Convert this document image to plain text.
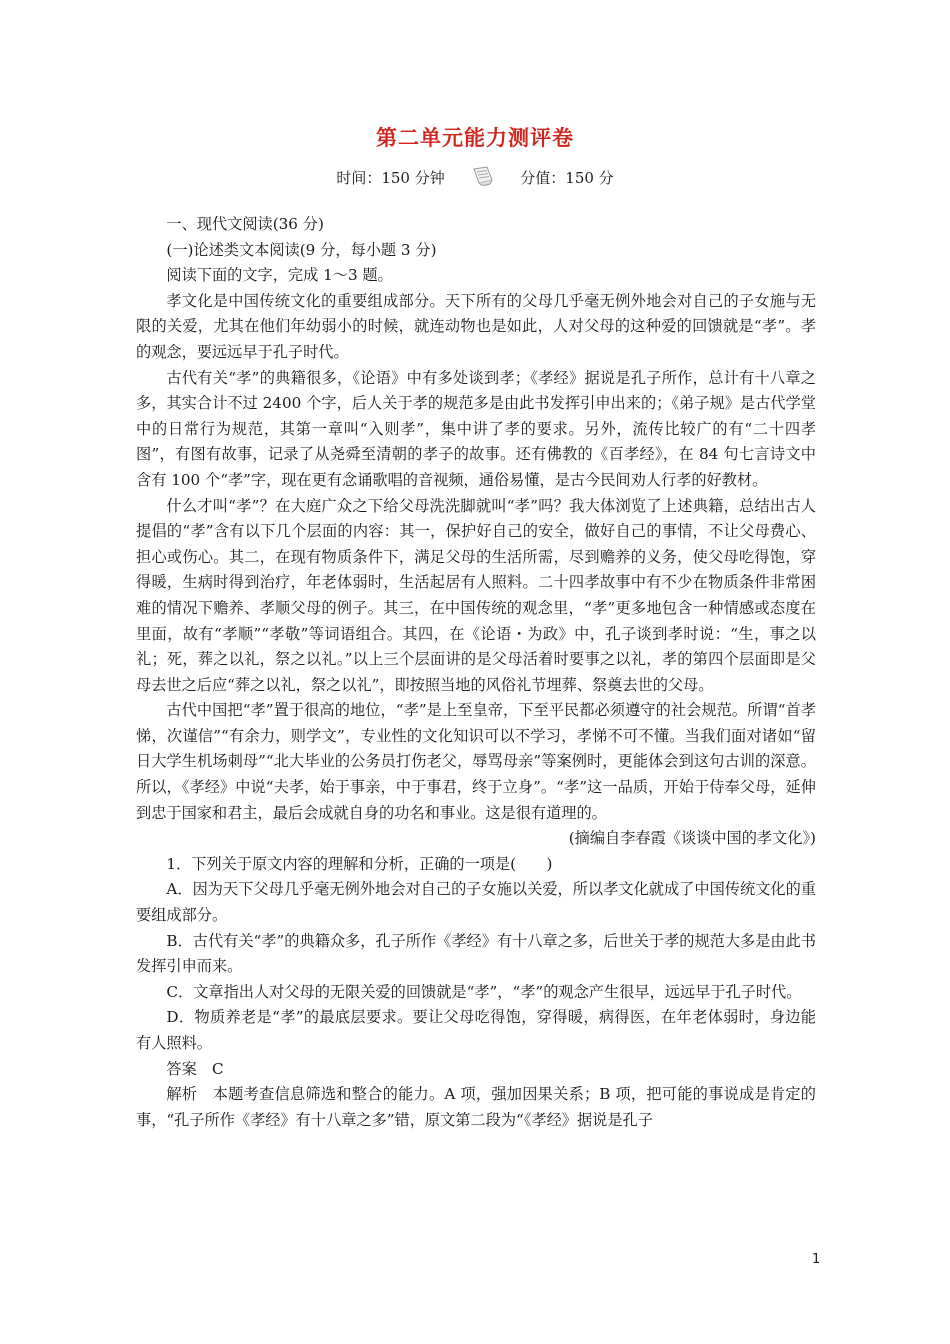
第二单元能力测评卷
时间：150 分钟	分值：150 分

一、现代文阅读(36 分)

(一)论述类文本阅读(9 分，每小题 3 分)

阅读下面的文字，完成 1～3 题。

孝文化是中国传统文化的重要组成部分。天下所有的父母几乎毫无例外地会对自己的子女施与无限的关爱，尤其在他们年幼弱小的时候，就连动物也是如此，人对父母的这种爱的回馈就是“孝”。孝的观念，要远远早于孔子时代。

古代有关“孝”的典籍很多，《论语》中有多处谈到孝；《孝经》据说是孔子所作，总计有十八章之多，其实合计不过 2400 个字，后人关于孝的规范多是由此书发挥引申出来的；《弟子规》是古代学堂中的日常行为规范，其第一章叫“入则孝”，集中讲了孝的要求。另外，流传比较广的有“二十四孝图”，有图有故事，记录了从尧舜至清朝的孝子的故事。还有佛教的《百孝经》，在 84 句七言诗文中含有 100 个“孝”字，现在更有念诵歌唱的音视频，通俗易懂，是古今民间劝人行孝的好教材。

什么才叫“孝”？在大庭广众之下给父母洗洗脚就叫“孝”吗？我大体浏览了上述典籍，总结出古人提倡的“孝”含有以下几个层面的内容：其一，保护好自己的安全，做好自己的事情，不让父母费心、担心或伤心。其二，在现有物质条件下，满足父母的生活所需，尽到赡养的义务，使父母吃得饱，穿得暖，生病时得到治疗，年老体弱时，生活起居有人照料。二十四孝故事中有不少在物质条件非常困难的情况下赡养、孝顺父母的例子。其三，在中国传统的观念里，“孝”更多地包含一种情感或态度在里面，故有“孝顺”“孝敬”等词语组合。其四，在《论语・为政》中，孔子谈到孝时说：“生，事之以礼；死，葬之以礼，祭之以礼。”以上三个层面讲的是父母活着时要事之以礼，孝的第四个层面即是父母去世之后应“葬之以礼，祭之以礼”，即按照当地的风俗礼节埋葬、祭奠去世的父母。

古代中国把“孝”置于很高的地位，“孝”是上至皇帝，下至平民都必须遵守的社会规范。所谓“首孝悌，次谨信”“有余力，则学文”，专业性的文化知识可以不学习，孝悌不可不懂。当我们面对诸如“留日大学生机场刺母”“北大毕业的公务员打伤老父，辱骂母亲”等案例时，更能体会到这句古训的深意。所以，《孝经》中说“夫孝，始于事亲，中于事君，终于立身”。“孝”这一品质，开始于侍奉父母，延伸到忠于国家和君主，最后会成就自身的功名和事业。这是很有道理的。

(摘编自李春霞《谈谈中国的孝文化》)

1．下列关于原文内容的理解和分析，正确的一项是(　　)

A．因为天下父母几乎毫无例外地会对自己的子女施以关爱，所以孝文化就成了中国传统文化的重要组成部分。

B．古代有关“孝”的典籍众多，孔子所作《孝经》有十八章之多，后世关于孝的规范大多是由此书发挥引申而来。

C．文章指出人对父母的无限关爱的回馈就是“孝”，“孝”的观念产生很早，远远早于孔子时代。

D．物质养老是“孝”的最底层要求。要让父母吃得饱，穿得暖，病得医，在年老体弱时，身边能有人照料。

答案　C

解析　本题考查信息筛选和整合的能力。A 项，强加因果关系；B 项，把可能的事说成是肯定的事，“孔子所作《孝经》有十八章之多”错，原文第二段为“《孝经》据说是孔子

1
